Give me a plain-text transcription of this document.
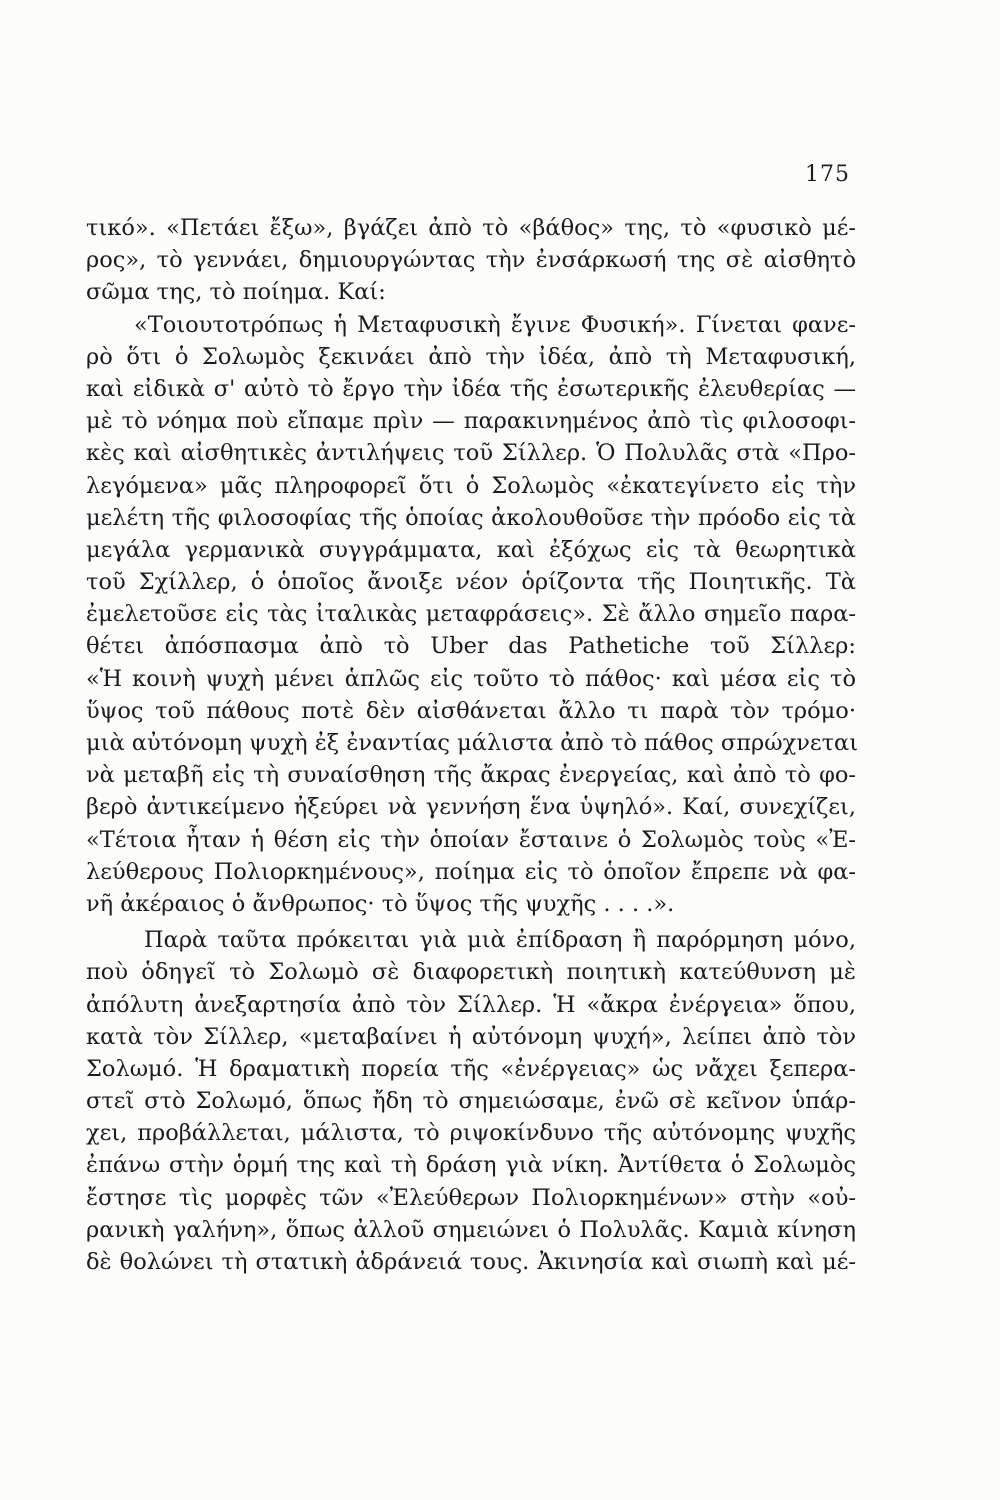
175
τικό». «Πετάει ἔξω», βγάζει ἀπὸ τὸ «βάθος» της, τὸ «φυσικὸ μέ-
ρος», τὸ γεννάει, δημιουργώντας τὴν ἐνσάρκωσή της σὲ αἰσθητὸ
σῶμα της, τὸ ποίημα. Καί:
«Τοιουτοτρόπως ἡ Μεταφυσικὴ ἔγινε Φυσική». Γίνεται φανε-
ρὸ ὅτι ὁ Σολωμὸς ξεκινάει ἀπὸ τὴν ἰδέα, ἀπὸ τὴ Μεταφυσική,
καὶ εἰδικὰ σ' αὐτὸ τὸ ἔργο τὴν ἰδέα τῆς ἐσωτερικῆς ἐλευθερίας —
μὲ τὸ νόημα ποὺ εἴπαμε πρὶν — παρακινημένος ἀπὸ τὶς φιλοσοφι-
κὲς καὶ αἰσθητικὲς ἀντιλήψεις τοῦ Σίλλερ. Ὁ Πολυλᾶς στὰ «Προ-
λεγόμενα» μᾶς πληροφορεῖ ὅτι ὁ Σολωμὸς «ἐκατεγίνετο εἰς τὴν
μελέτη τῆς φιλοσοφίας τῆς ὁποίας ἀκολουθοῦσε τὴν πρόοδο εἰς τὰ
μεγάλα γερμανικὰ συγγράμματα, καὶ ἐξόχως εἰς τὰ θεωρητικὰ
τοῦ Σχίλλερ, ὁ ὁποῖος ἄνοιξε νέον ὁρίζοντα τῆς Ποιητικῆς. Τὰ
ἐμελετοῦσε εἰς τὰς ἰταλικὰς μεταφράσεις». Σὲ ἄλλο σημεῖο παρα-
θέτει ἀπόσπασμα ἀπὸ τὸ Uber das Pathetiche τοῦ Σίλλερ:
«Ἡ κοινὴ ψυχὴ μένει ἁπλῶς εἰς τοῦτο τὸ πάθος· καὶ μέσα εἰς τὸ
ὕψος τοῦ πάθους ποτὲ δὲν αἰσθάνεται ἄλλο τι παρὰ τὸν τρόμο·
μιὰ αὐτόνομη ψυχὴ ἐξ ἐναντίας μάλιστα ἀπὸ τὸ πάθος σπρώχνεται
νὰ μεταβῆ εἰς τὴ συναίσθηση τῆς ἄκρας ἐνεργείας, καὶ ἀπὸ τὸ φο-
βερὸ ἀντικείμενο ἠξεύρει νὰ γεννήση ἕνα ὑψηλό». Καί, συνεχίζει,
«Τέτοια ἦταν ἡ θέση εἰς τὴν ὁποίαν ἔσταινε ὁ Σολωμὸς τοὺς «Ἐ-
λεύθερους Πολιορκημένους», ποίημα εἰς τὸ ὁποῖον ἔπρεπε νὰ φα-
νῆ ἀκέραιος ὁ ἄνθρωπος· τὸ ὕψος τῆς ψυχῆς . . . .».
Παρὰ ταῦτα πρόκειται γιὰ μιὰ ἐπίδραση ἢ παρόρμηση μόνο,
ποὺ ὁδηγεῖ τὸ Σολωμὸ σὲ διαφορετικὴ ποιητικὴ κατεύθυνση μὲ
ἀπόλυτη ἀνεξαρτησία ἀπὸ τὸν Σίλλερ. Ἡ «ἄκρα ἐνέργεια» ὅπου,
κατὰ τὸν Σίλλερ, «μεταβαίνει ἡ αὐτόνομη ψυχή», λείπει ἀπὸ τὸν
Σολωμό. Ἡ δραματικὴ πορεία τῆς «ἐνέργειας» ὡς νἄχει ξεπερα-
στεῖ στὸ Σολωμό, ὅπως ἤδη τὸ σημειώσαμε, ἐνῶ σὲ κεῖνον ὑπάρ-
χει, προβάλλεται, μάλιστα, τὸ ριψοκίνδυνο τῆς αὐτόνομης ψυχῆς
ἐπάνω στὴν ὁρμή της καὶ τὴ δράση γιὰ νίκη. Ἀντίθετα ὁ Σολωμὸς
ἔστησε τὶς μορφὲς τῶν «Ἐλεύθερων Πολιορκημένων» στὴν «οὐ-
ρανικὴ γαλήνη», ὅπως ἀλλοῦ σημειώνει ὁ Πολυλᾶς. Καμιὰ κίνηση
δὲ θολώνει τὴ στατικὴ ἀδράνειά τους. Ἀκινησία καὶ σιωπὴ καὶ μέ-
